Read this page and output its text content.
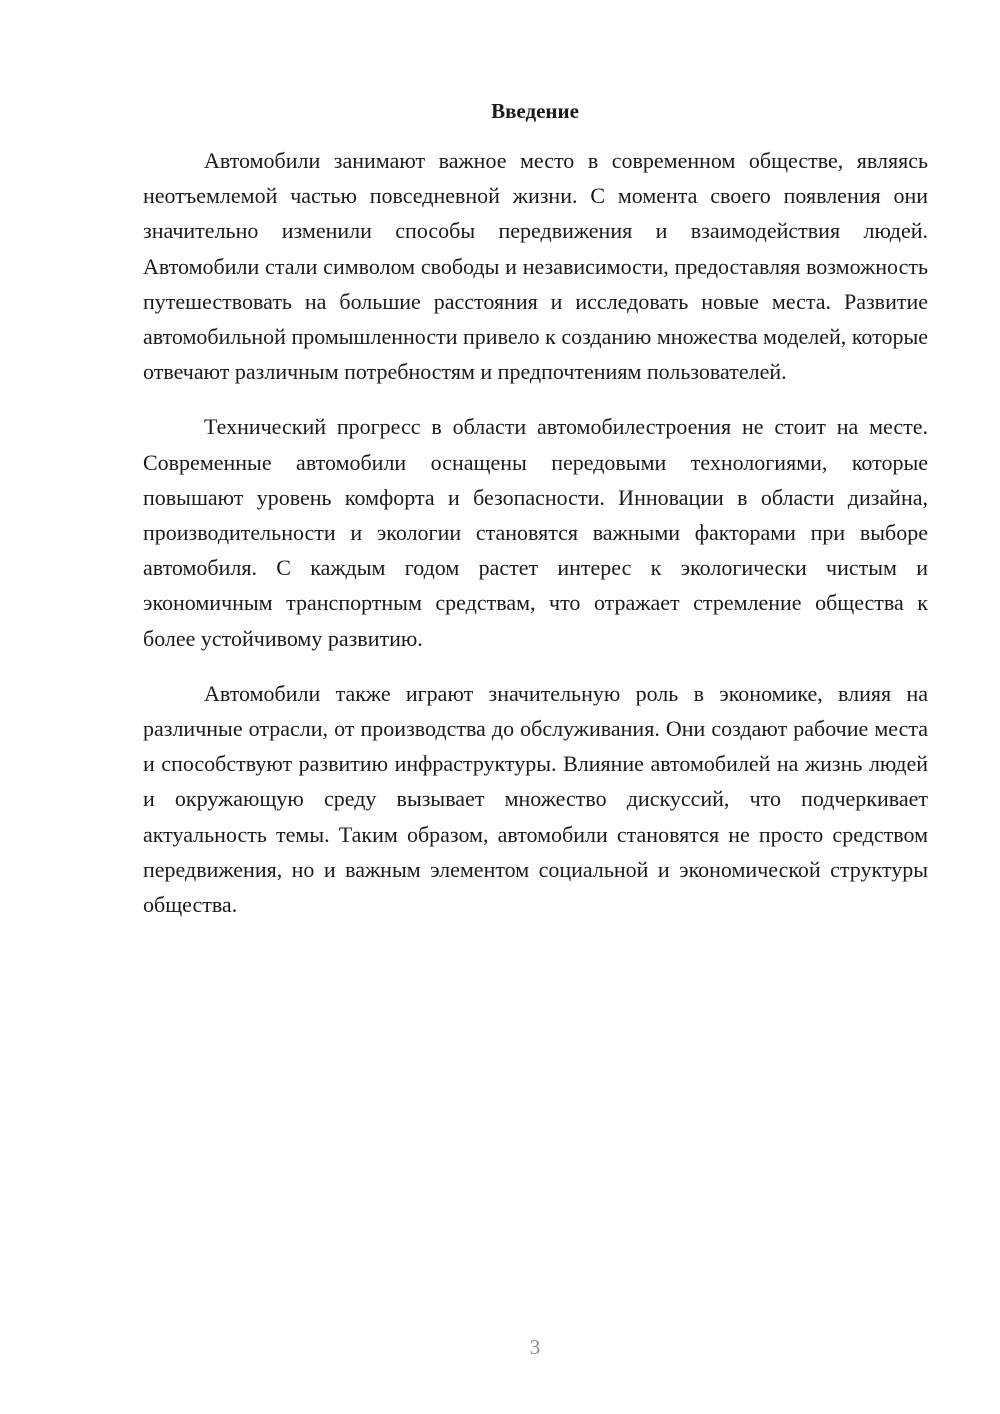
Введение

Автомобили занимают важное место в современном обществе, являясь неотъемлемой частью повседневной жизни. С момента своего появления они значительно изменили способы передвижения и взаимодействия людей. Автомобили стали символом свободы и независимости, предоставляя возможность путешествовать на большие расстояния и исследовать новые места. Развитие автомобильной промышленности привело к созданию множества моделей, которые отвечают различным потребностям и предпочтениям пользователей.

Технический прогресс в области автомобилестроения не стоит на месте. Современные автомобили оснащены передовыми технологиями, которые повышают уровень комфорта и безопасности. Инновации в области дизайна, производительности и экологии становятся важными факторами при выборе автомобиля. С каждым годом растет интерес к экологически чистым и экономичным транспортным средствам, что отражает стремление общества к более устойчивому развитию.

Автомобили также играют значительную роль в экономике, влияя на различные отрасли, от производства до обслуживания. Они создают рабочие места и способствуют развитию инфраструктуры. Влияние автомобилей на жизнь людей и окружающую среду вызывает множество дискуссий, что подчеркивает актуальность темы. Таким образом, автомобили становятся не просто средством передвижения, но и важным элементом социальной и экономической структуры общества.

3
